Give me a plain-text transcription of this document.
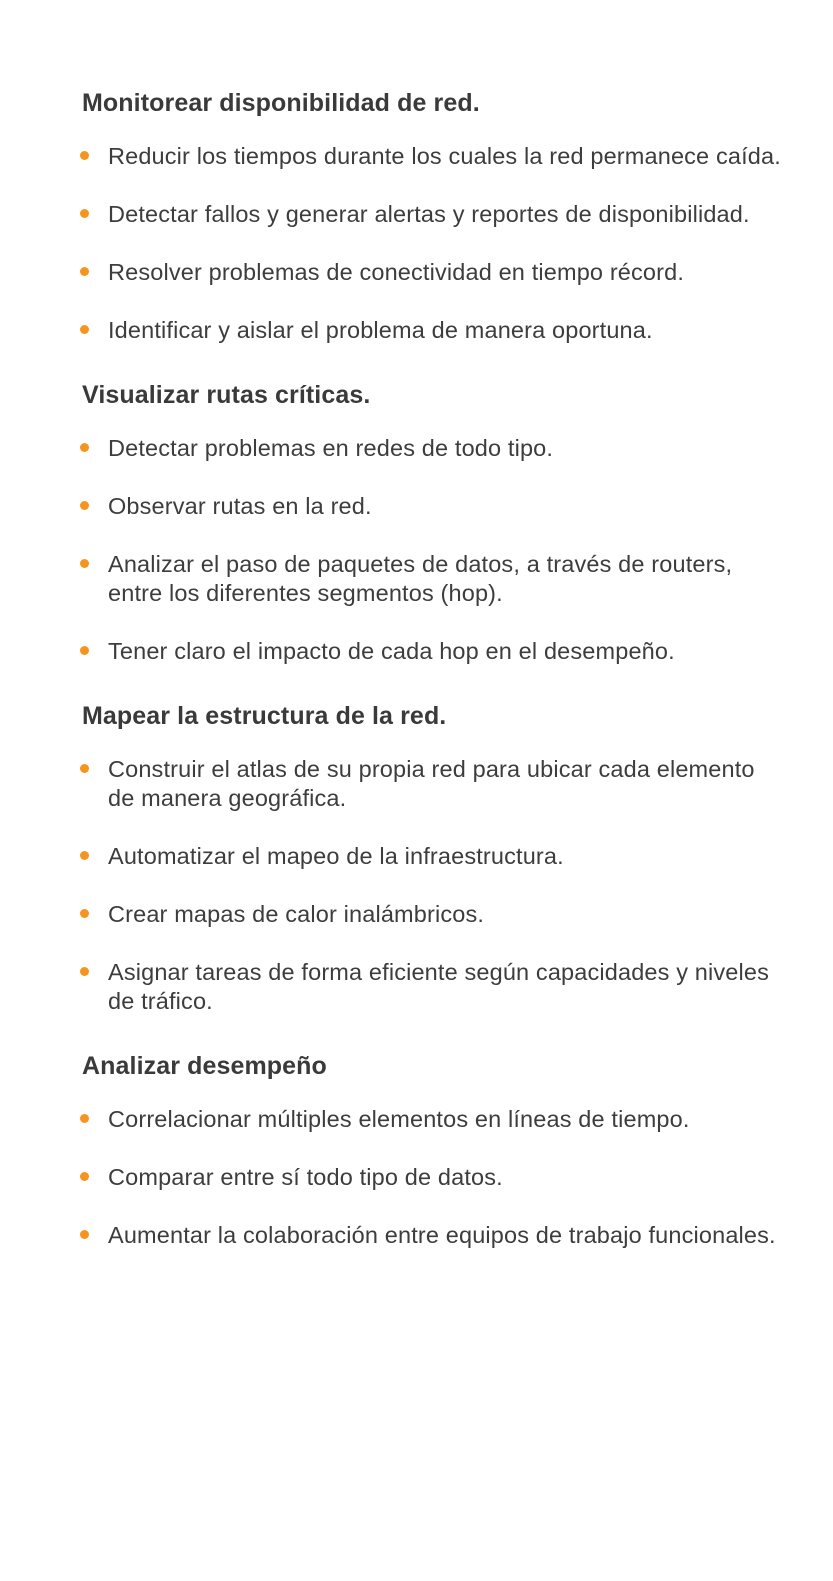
Monitorear disponibilidad de red.
Reducir los tiempos durante los cuales la red permanece caída.
Detectar fallos y generar alertas y reportes de disponibilidad.
Resolver problemas de conectividad en tiempo récord.
Identificar y aislar el problema de manera oportuna.
Visualizar rutas críticas.
Detectar problemas en redes de todo tipo.
Observar rutas en la red.
Analizar el paso de paquetes de datos, a través de routers, entre los diferentes segmentos (hop).
Tener claro el impacto de cada hop en el desempeño.
Mapear la estructura de la red.
Construir el atlas de su propia red para ubicar cada elemento de manera geográfica.
Automatizar el mapeo de la infraestructura.
Crear mapas de calor inalámbricos.
Asignar tareas de forma eficiente según capacidades y niveles de tráfico.
Analizar desempeño
Correlacionar múltiples elementos en líneas de tiempo.
Comparar entre sí todo tipo de datos.
Aumentar la colaboración entre equipos de trabajo funcionales.
